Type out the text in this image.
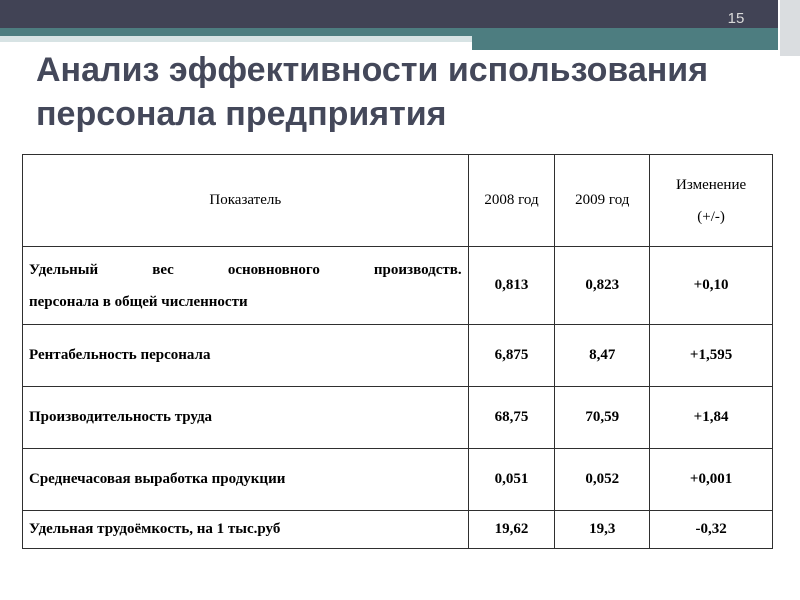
15
Анализ эффективности использования
персонала предприятия
Показатель	2008 год	2009 год	Изменение
(+/-)

Удельный вес основновного производств.
персонала в общей численности	0,813	0,823	+0,10
Рентабельность персонала	6,875	8,47	+1,595
Производительность труда	68,75	70,59	+1,84
Среднечасовая выработка продукции	0,051	0,052	+0,001
Удельная трудоёмкость, на 1 тыс.руб	19,62	19,3	-0,32
